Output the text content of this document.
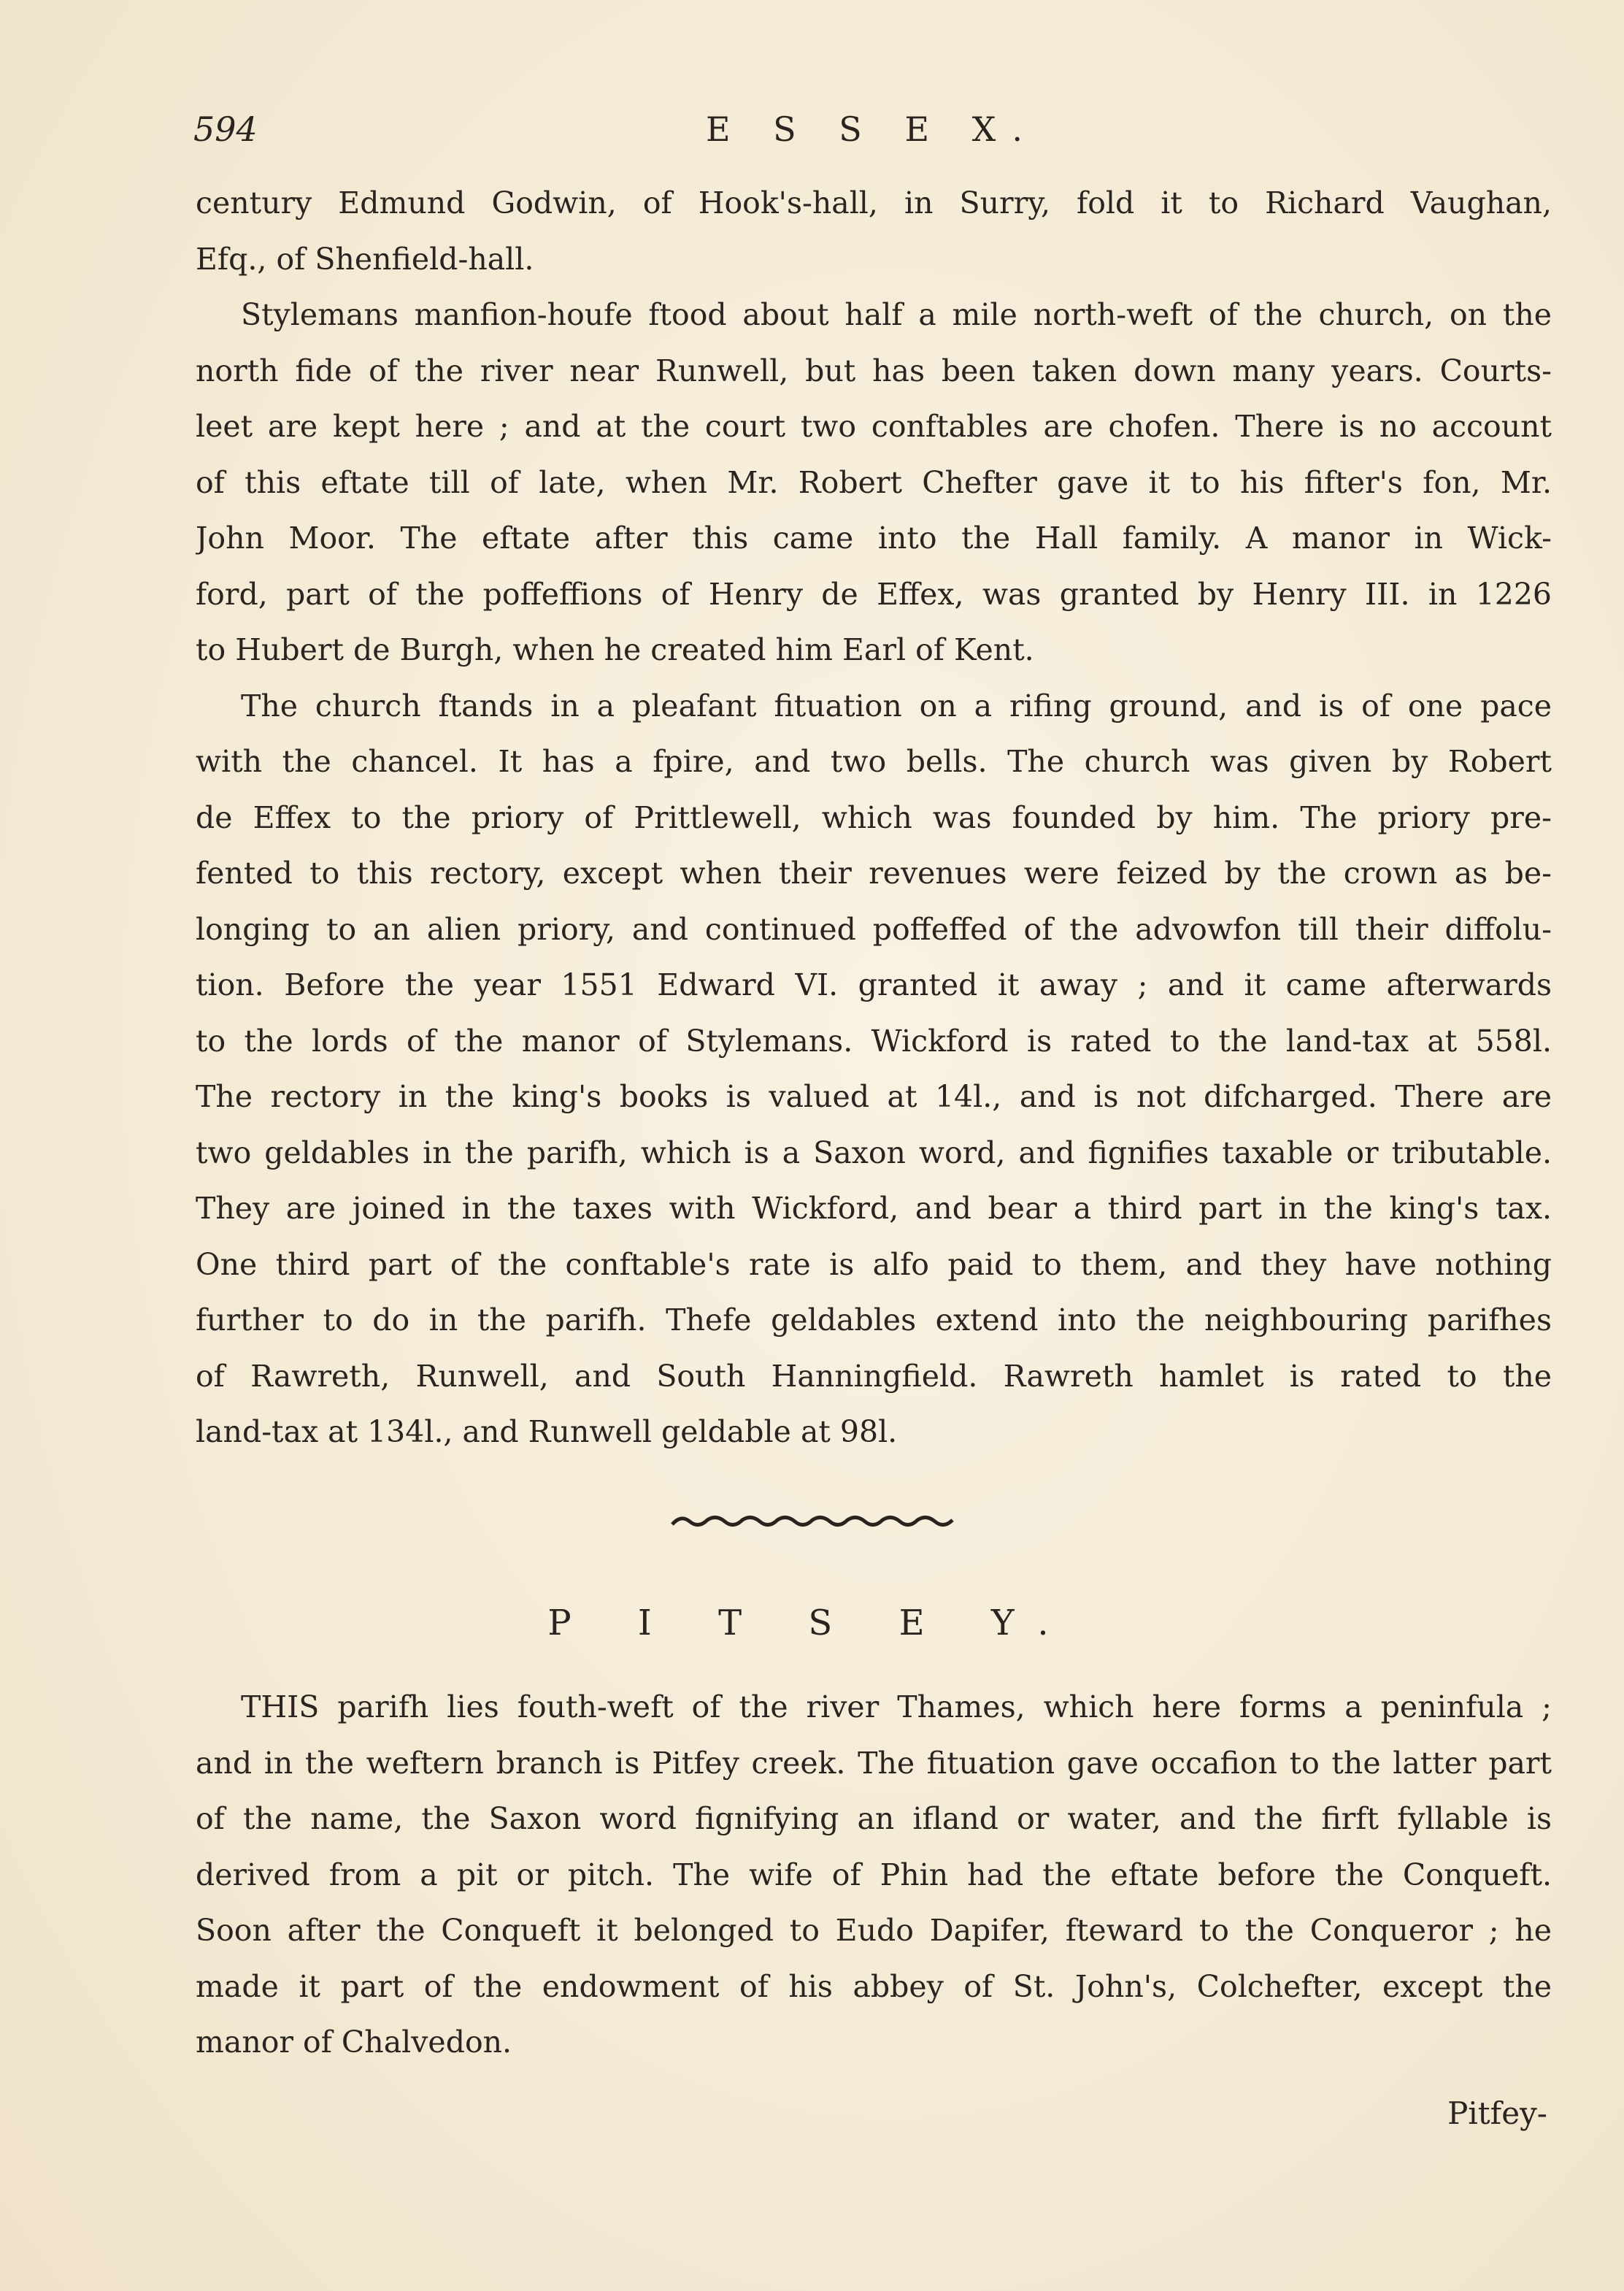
594	E S S E X.
century Edmund Godwin, of Hook's-hall, in Surry, fold it to Richard Vaughan,
Efq., of Shenfield-hall.
Stylemans manfion-houfe ftood about half a mile north-weft of the church, on the
north fide of the river near Runwell, but has been taken down many years. Courts-
leet are kept here ; and at the court two conftables are chofen. There is no account
of this eftate till of late, when Mr. Robert Chefter gave it to his fifter's fon, Mr.
John Moor. The eftate after this came into the Hall family. A manor in Wick-
ford, part of the poffeffions of Henry de Effex, was granted by Henry III. in 1226
to Hubert de Burgh, when he created him Earl of Kent.
The church ftands in a pleafant fituation on a rifing ground, and is of one pace
with the chancel. It has a fpire, and two bells. The church was given by Robert
de Effex to the priory of Prittlewell, which was founded by him. The priory pre-
fented to this rectory, except when their revenues were feized by the crown as be-
longing to an alien priory, and continued poffeffed of the advowfon till their diffolu-
tion. Before the year 1551 Edward VI. granted it away ; and it came afterwards
to the lords of the manor of Stylemans. Wickford is rated to the land-tax at 558l.
The rectory in the king's books is valued at 14l., and is not difcharged. There are
two geldables in the parifh, which is a Saxon word, and fignifies taxable or tributable.
They are joined in the taxes with Wickford, and bear a third part in the king's tax.
One third part of the conftable's rate is alfo paid to them, and they have nothing
further to do in the parifh. Thefe geldables extend into the neighbouring parifhes
of Rawreth, Runwell, and South Hanningfield. Rawreth hamlet is rated to the
land-tax at 134l., and Runwell geldable at 98l.
P I T S E Y.
THIS parifh lies fouth-weft of the river Thames, which here forms a peninfula ;
and in the weftern branch is Pitfey creek. The fituation gave occafion to the latter part
of the name, the Saxon word fignifying an ifland or water, and the firft fyllable is
derived from a pit or pitch. The wife of Phin had the eftate before the Conqueft.
Soon after the Conqueft it belonged to Eudo Dapifer, fteward to the Conqueror ; he
made it part of the endowment of his abbey of St. John's, Colchefter, except the
manor of Chalvedon.
Pitfey-
